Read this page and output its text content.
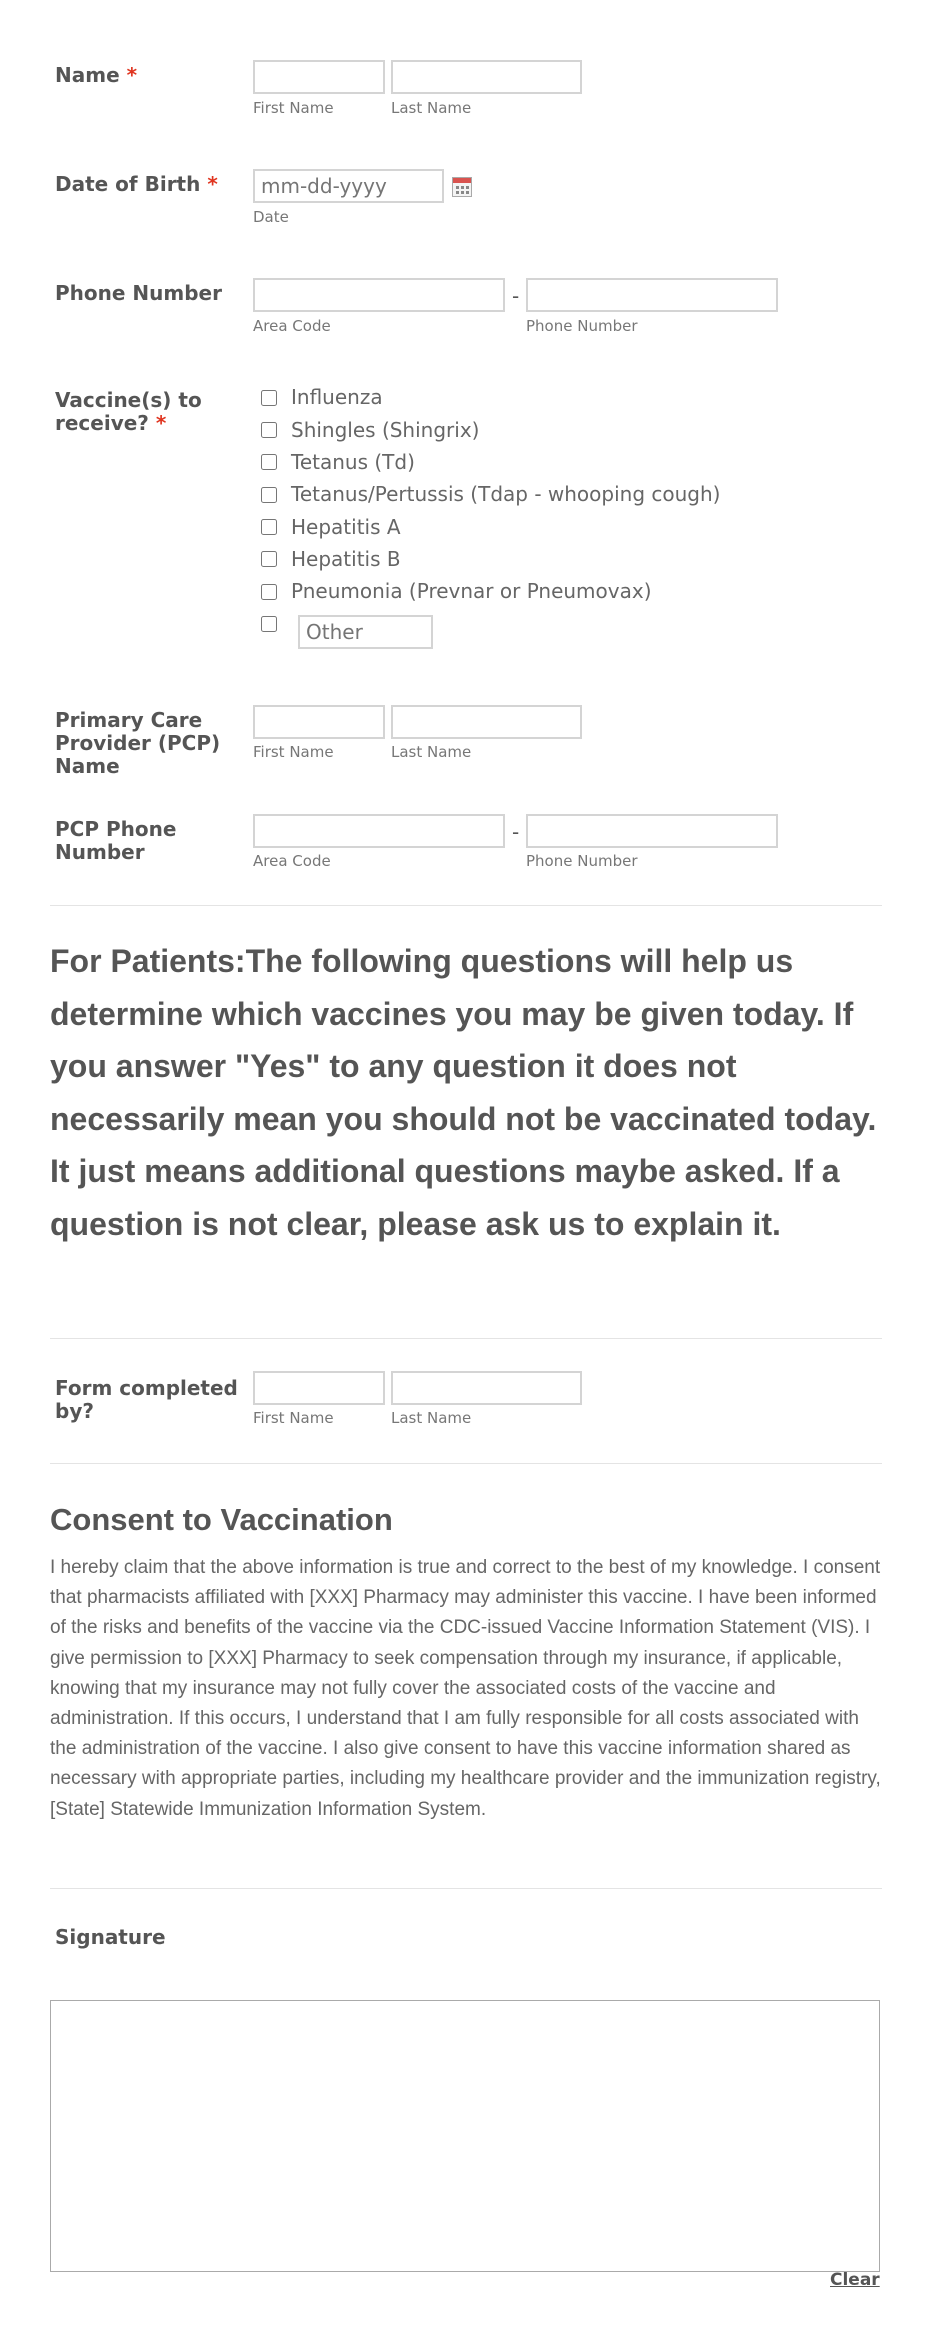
Name *
First Name	Last Name
Date of Birth *
mm-dd-yyyy
Date
Phone Number	-
Area Code	Phone Number
Vaccine(s) to
receive? *
Influenza
Shingles (Shingrix)
Tetanus (Td)
Tetanus/Pertussis (Tdap - whooping cough)
Hepatitis A
Hepatitis B
Pneumonia (Prevnar or Pneumovax)
Other
Primary Care
Provider (PCP)
Name
First Name	Last Name
PCP Phone
Number
-
Area Code	Phone Number

For Patients:The following questions will help us determine which vaccines you may be given today. If you answer "Yes" to any question it does not necessarily mean you should not be vaccinated today. It just means additional questions maybe asked. If a question is not clear, please ask us to explain it.

Form completed
by?	First Name	Last Name
Consent to Vaccination

I hereby claim that the above information is true and correct to the best of my knowledge. I consent that pharmacists affiliated with [XXX] Pharmacy may administer this vaccine. I have been informed of the risks and benefits of the vaccine via the CDC-issued Vaccine Information Statement (VIS). I give permission to [XXX] Pharmacy to seek compensation through my insurance, if applicable, knowing that my insurance may not fully cover the associated costs of the vaccine and administration. If this occurs, I understand that I am fully responsible for all costs associated with the administration of the vaccine. I also give consent to have this vaccine information shared as necessary with appropriate parties, including my healthcare provider and the immunization registry, [State] Statewide Immunization Information System.

Signature
Clear
